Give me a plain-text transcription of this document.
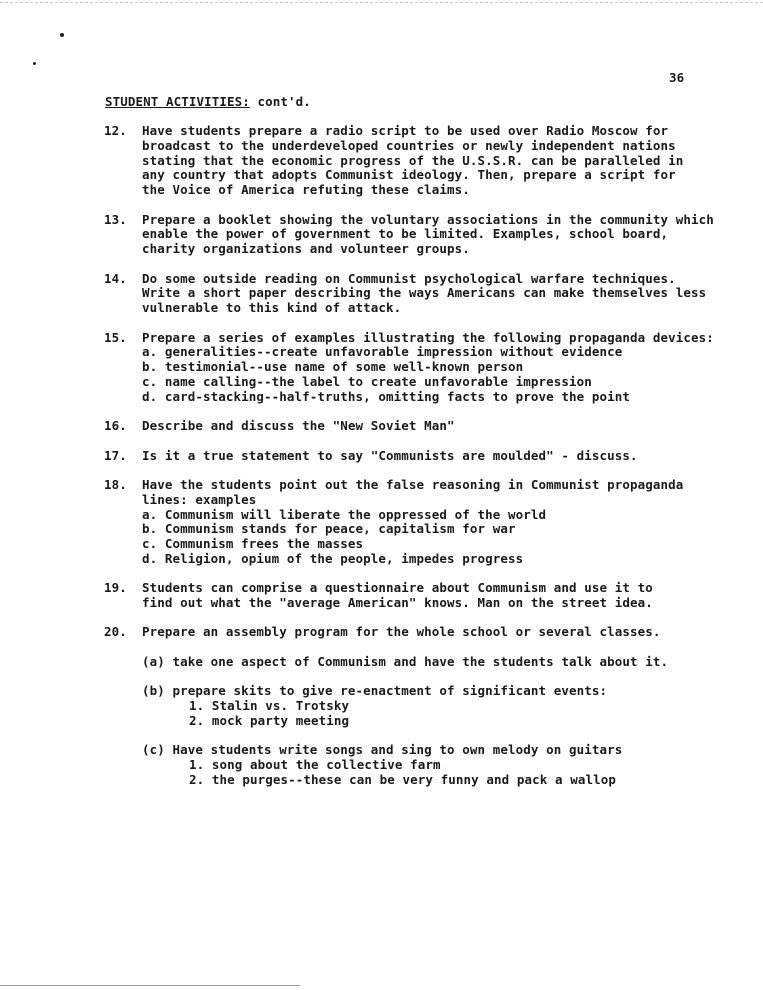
36
STUDENT ACTIVITIES: cont'd.
12. Have students prepare a radio script to be used over Radio Moscow for
broadcast to the underdeveloped countries or newly independent nations
stating that the economic progress of the U.S.S.R. can be paralleled in
any country that adopts Communist ideology. Then, prepare a script for
the Voice of America refuting these claims.
13. Prepare a booklet showing the voluntary associations in the community which
enable the power of government to be limited. Examples, school board,
charity organizations and volunteer groups.
14. Do some outside reading on Communist psychological warfare techniques.
Write a short paper describing the ways Americans can make themselves less
vulnerable to this kind of attack.
15. Prepare a series of examples illustrating the following propaganda devices:
a. generalities--create unfavorable impression without evidence
b. testimonial--use name of some well-known person
c. name calling--the label to create unfavorable impression
d. card-stacking--half-truths, omitting facts to prove the point
16. Describe and discuss the "New Soviet Man"
17. Is it a true statement to say "Communists are moulded" - discuss.
18. Have the students point out the false reasoning in Communist propaganda
lines: examples
a. Communism will liberate the oppressed of the world
b. Communism stands for peace, capitalism for war
c. Communism frees the masses
d. Religion, opium of the people, impedes progress
19. Students can comprise a questionnaire about Communism and use it to
find out what the "average American" knows. Man on the street idea.
20. Prepare an assembly program for the whole school or several classes.
(a) take one aspect of Communism and have the students talk about it.
(b) prepare skits to give re-enactment of significant events:
1. Stalin vs. Trotsky
2. mock party meeting
(c) Have students write songs and sing to own melody on guitars
1. song about the collective farm
2. the purges--these can be very funny and pack a wallop
